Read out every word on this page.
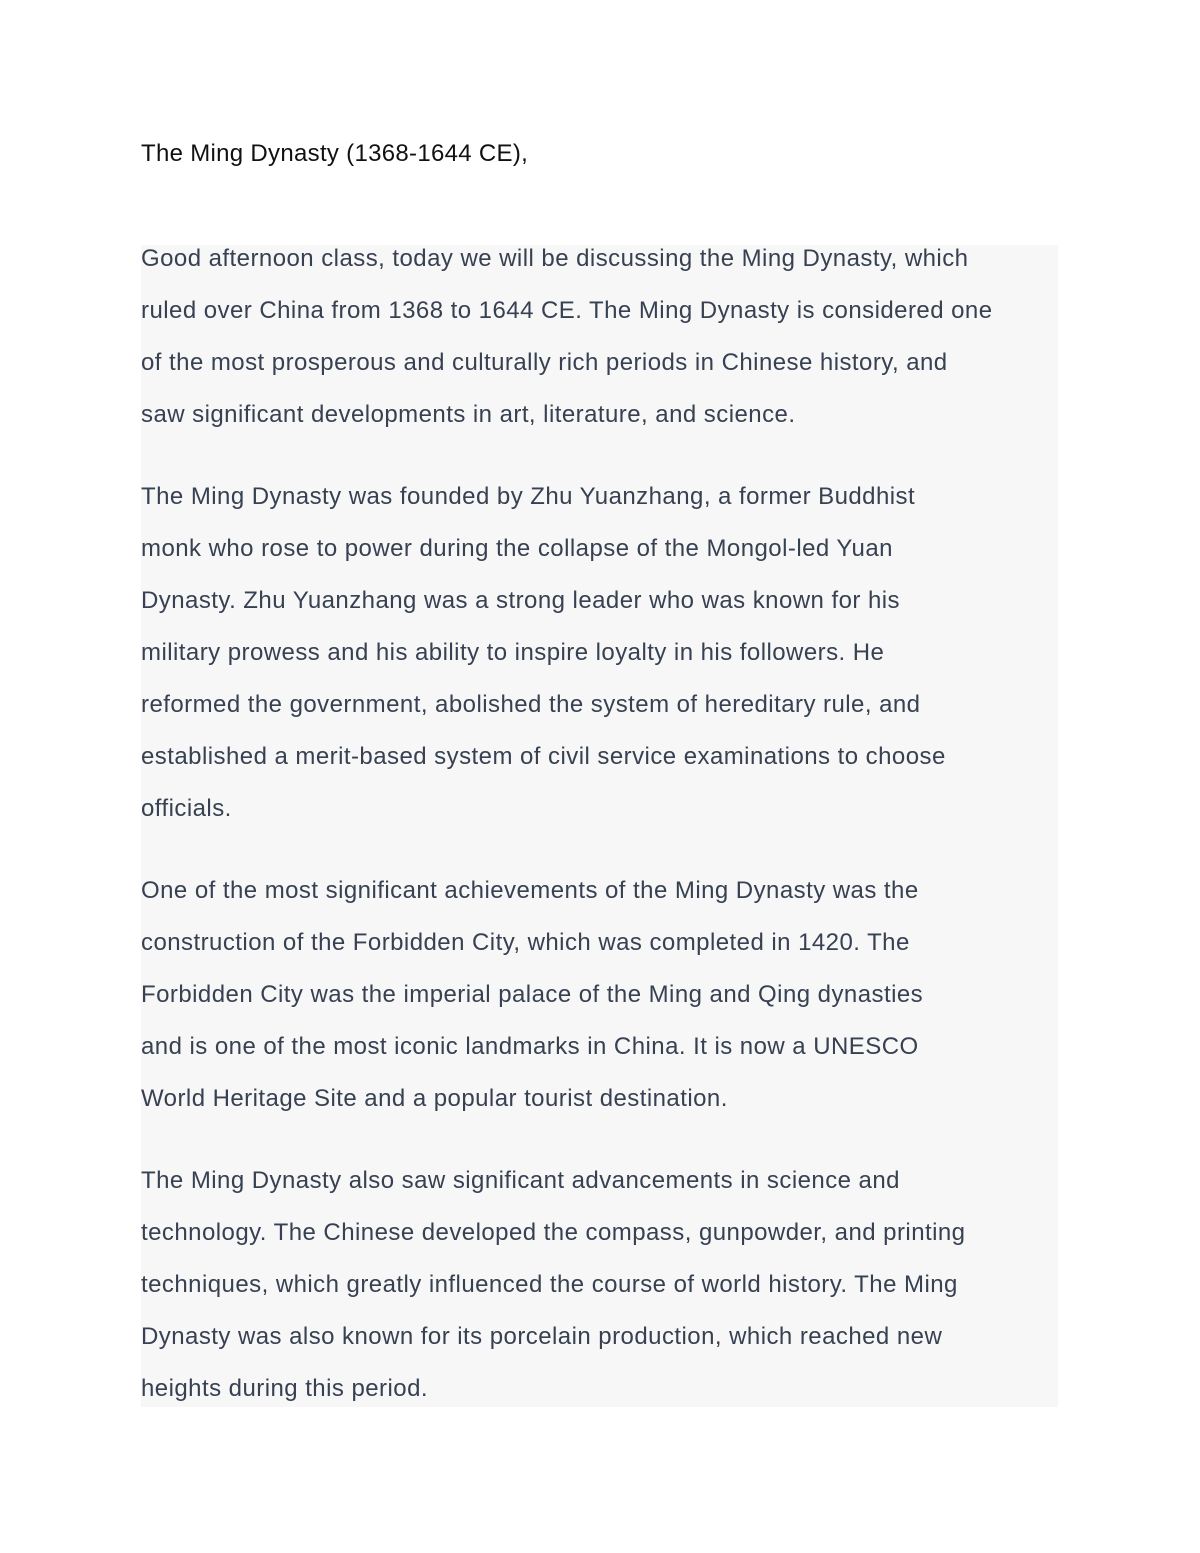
The Ming Dynasty (1368-1644 CE),
Good afternoon class, today we will be discussing the Ming Dynasty, which
ruled over China from 1368 to 1644 CE. The Ming Dynasty is considered one
of the most prosperous and culturally rich periods in Chinese history, and
saw significant developments in art, literature, and science.
The Ming Dynasty was founded by Zhu Yuanzhang, a former Buddhist
monk who rose to power during the collapse of the Mongol-led Yuan
Dynasty. Zhu Yuanzhang was a strong leader who was known for his
military prowess and his ability to inspire loyalty in his followers. He
reformed the government, abolished the system of hereditary rule, and
established a merit-based system of civil service examinations to choose
officials.
One of the most significant achievements of the Ming Dynasty was the
construction of the Forbidden City, which was completed in 1420. The
Forbidden City was the imperial palace of the Ming and Qing dynasties
and is one of the most iconic landmarks in China. It is now a UNESCO
World Heritage Site and a popular tourist destination.
The Ming Dynasty also saw significant advancements in science and
technology. The Chinese developed the compass, gunpowder, and printing
techniques, which greatly influenced the course of world history. The Ming
Dynasty was also known for its porcelain production, which reached new
heights during this period.
